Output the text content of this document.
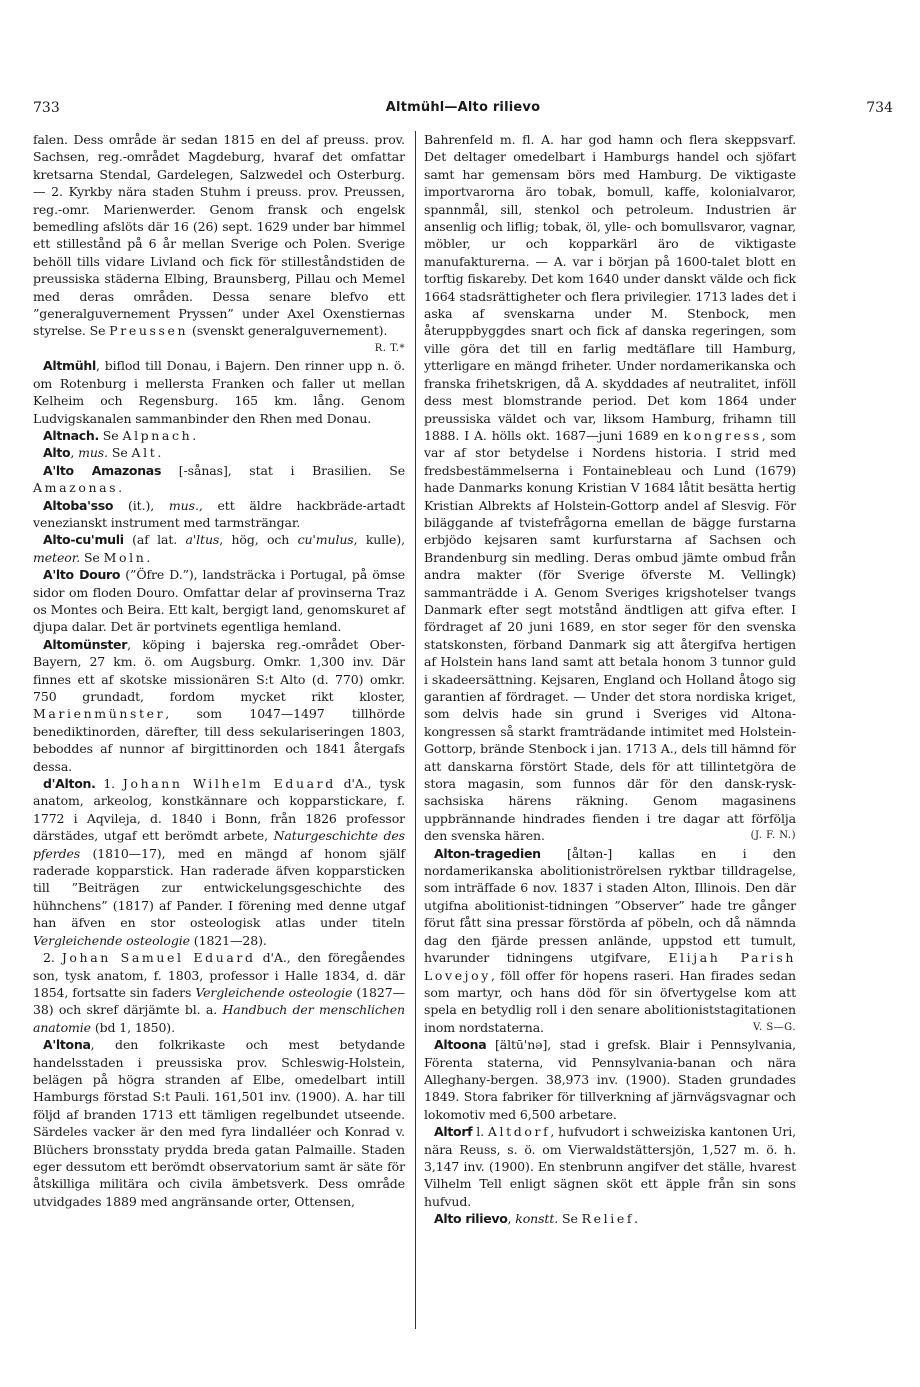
733	Altmühl—Alto rilievo	734

falen. Dess område är sedan 1815 en del af preuss. prov. Sachsen, reg.-området Magdeburg, hvaraf det omfattar kretsarna Stendal, Gardelegen, Salzwedel och Osterburg. — 2. Kyrkby nära staden Stuhm i preuss. prov. Preussen, reg.-omr. Marienwerder. Genom fransk och engelsk bemedling afslöts där 16 (26) sept. 1629 under bar himmel ett stillestånd på 6 år mellan Sverige och Polen. Sverige behöll tills vidare Livland och fick för stilleståndstiden de preussiska städerna Elbing, Braunsberg, Pillau och Memel med deras områden. Dessa senare blefvo ett ”generalguvernement Pryssen” under Axel Oxenstiernas styrelse. Se Preussen (svenskt generalguvernement).
R. T.*

Altmühl, biflod till Donau, i Bajern. Den rinner upp n. ö. om Rotenburg i mellersta Franken och faller ut mellan Kelheim och Regensburg. 165 km. lång. Genom Ludvigskanalen sammanbinder den Rhen med Donau.

Altnach. Se Alpnach.

Alto, mus. Se Alt.

A'lto Amazonas [-sånas], stat i Brasilien. Se Amazonas.

Altoba'sso (it.), mus., ett äldre hackbräde-artadt venezianskt instrument med tarmsträngar.

Alto-cu'muli (af lat. a'ltus, hög, och cu'mulus, kulle), meteor. Se Moln.

A'lto Douro (”Öfre D.”), landsträcka i Portugal, på ömse sidor om floden Douro. Omfattar delar af provinserna Traz os Montes och Beira. Ett kalt, bergigt land, genomskuret af djupa dalar. Det är portvinets egentliga hemland.

Altomünster, köping i bajerska reg.-området Ober-Bayern, 27 km. ö. om Augsburg. Omkr. 1,300 inv. Där finnes ett af skotske missionären S:t Alto (d. 770) omkr. 750 grundadt, fordom mycket rikt kloster, Marienmünster, som 1047—1497 tillhörde benediktinorden, därefter, till dess sekulariseringen 1803, beboddes af nunnor af birgittinorden och 1841 återgafs dessa.

d'Alton. 1. Johann Wilhelm Eduard d'A., tysk anatom, arkeolog, konstkännare och kopparstickare, f. 1772 i Aqvileja, d. 1840 i Bonn, från 1826 professor därstädes, utgaf ett berömdt arbete, Naturgeschichte des pferdes (1810—17), med en mängd af honom själf raderade kopparstick. Han raderade äfven kopparsticken till ”Beiträgen zur entwickelungsgeschichte des hühnchens” (1817) af Pander. I förening med denne utgaf han äfven en stor osteologisk atlas under titeln Vergleichende osteologie (1821—28).

2. Johan Samuel Eduard d'A., den föregåendes son, tysk anatom, f. 1803, professor i Halle 1834, d. där 1854, fortsatte sin faders Vergleichende osteologie (1827—38) och skref därjämte bl. a. Handbuch der menschlichen anatomie (bd 1, 1850).

A'ltona, den folkrikaste och mest betydande handelsstaden i preussiska prov. Schleswig-Holstein, belägen på högra stranden af Elbe, omedelbart intill Hamburgs förstad S:t Pauli. 161,501 inv. (1900). A. har till följd af branden 1713 ett tämligen regelbundet utseende. Särdeles vacker är den med fyra lindalléer och Konrad v. Blüchers bronsstaty prydda breda gatan Palmaille. Staden eger dessutom ett berömdt observatorium samt är säte för åtskilliga militära och civila ämbetsverk. Dess område utvidgades 1889 med angränsande orter, Ottensen,

Bahrenfeld m. fl. A. har god hamn och flera skeppsvarf. Det deltager omedelbart i Hamburgs handel och sjöfart samt har gemensam börs med Hamburg. De viktigaste importvarorna äro tobak, bomull, kaffe, kolonialvaror, spannmål, sill, stenkol och petroleum. Industrien är ansenlig och liflig; tobak, öl, ylle- och bomullsvaror, vagnar, möbler, ur och kopparkärl äro de viktigaste manufakturerna. — A. var i början på 1600-talet blott en torftig fiskareby. Det kom 1640 under danskt välde och fick 1664 stadsrättigheter och flera privilegier. 1713 lades det i aska af svenskarna under M. Stenbock, men återuppbyggdes snart och fick af danska regeringen, som ville göra det till en farlig medtäflare till Hamburg, ytterligare en mängd friheter. Under nordamerikanska och franska frihetskrigen, då A. skyddades af neutralitet, inföll dess mest blomstrande period. Det kom 1864 under preussiska väldet och var, liksom Hamburg, frihamn till 1888. I A. hölls okt. 1687—juni 1689 en kongress, som var af stor betydelse i Nordens historia. I strid med fredsbestämmelserna i Fontainebleau och Lund (1679) hade Danmarks konung Kristian V 1684 låtit besätta hertig Kristian Albrekts af Holstein-Gottorp andel af Slesvig. För biläggande af tvistefrågorna emellan de bägge furstarna erbjödo kejsaren samt kurfurstarna af Sachsen och Brandenburg sin medling. Deras ombud jämte ombud från andra makter (för Sverige öfverste M. Vellingk) sammanträdde i A. Genom Sveriges krigshotelser tvangs Danmark efter segt motstånd ändtligen att gifva efter. I fördraget af 20 juni 1689, en stor seger för den svenska statskonsten, förband Danmark sig att återgifva hertigen af Holstein hans land samt att betala honom 3 tunnor guld i skadeersättning. Kejsaren, England och Holland åtogo sig garantien af fördraget. — Under det stora nordiska kriget, som delvis hade sin grund i Sveriges vid Altona-kongressen så starkt framträdande intimitet med Holstein-Gottorp, brände Stenbock i jan. 1713 A., dels till hämnd för att danskarna förstört Stade, dels för att tillintetgöra de stora magasin, som funnos där för den dansk-rysk-sachsiska härens räkning. Genom magasinens uppbrännande hindrades fienden i tre dagar att förfölja den svenska hären.	(J. F. N.)

Alton-tragedien [åltən-] kallas en i den nordamerikanska abolitioniströrelsen ryktbar tilldragelse, som inträffade 6 nov. 1837 i staden Alton, Illinois. Den där utgifna abolitionist-tidningen ”Observer” hade tre gånger förut fått sina pressar förstörda af pöbeln, och då nämnda dag den fjärde pressen anlände, uppstod ett tumult, hvarunder tidningens utgifvare, Elijah Parish Lovejoy, föll offer för hopens raseri. Han firades sedan som martyr, och hans död för sin öfvertygelse kom att spela en betydlig roll i den senare abolitioniststagitationen inom nordstaterna.	V. S—G.

Altoona [ältū'nə], stad i grefsk. Blair i Pennsylvania, Förenta staterna, vid Pennsylvania-banan och nära Alleghany-bergen. 38,973 inv. (1900). Staden grundades 1849. Stora fabriker för tillverkning af järnvägsvagnar och lokomotiv med 6,500 arbetare.

Altorf l. Altdorf, hufvudort i schweiziska kantonen Uri, nära Reuss, s. ö. om Vierwaldstättersjön, 1,527 m. ö. h. 3,147 inv. (1900). En stenbrunn angifver det ställe, hvarest Vilhelm Tell enligt sägnen sköt ett äpple från sin sons hufvud.

Alto rilievo, konstt. Se Relief.
